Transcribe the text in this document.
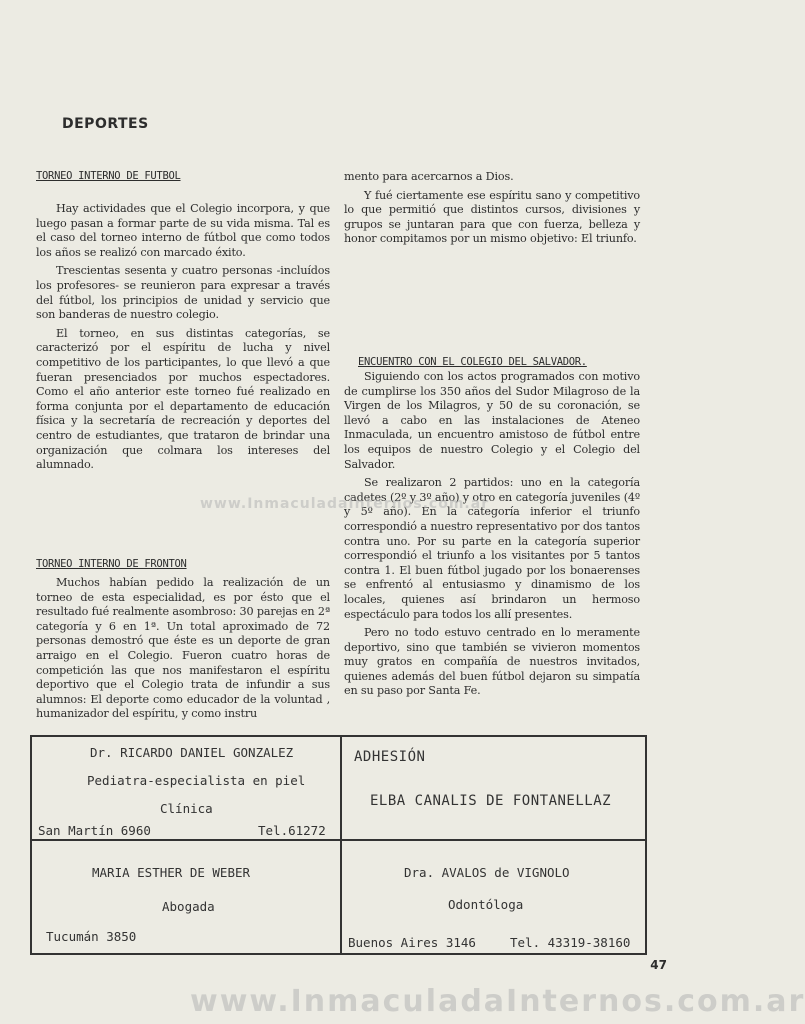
DEPORTES
TORNEO INTERNO DE FUTBOL

Hay actividades que el Colegio incorpora, y que luego pasan a formar parte de su vida misma. Tal es el caso del torneo interno de fútbol que como todos los años se realizó con marcado éxito.

Trescientas sesenta y cuatro personas -incluídos los profesores- se reunieron para expresar a través del fútbol, los principios de unidad y servicio que son banderas de nuestro colegio.

El torneo, en sus distintas categorías, se caracterizó por el espíritu de lucha y nivel competitivo de los participantes, lo que llevó a que fueran presenciados por muchos espectadores. Como el año anterior este torneo fué realizado en forma conjunta por el departamento de educación física y la secretaría de recreación y deportes del centro de estudiantes, que trataron de brindar una organización que colmara los intereses del alumnado.

TORNEO INTERNO DE FRONTON

Muchos habían pedido la realización de un torneo de esta especialidad, es por ésto que el resultado fué realmente asombroso: 30 parejas en 2ª categoría y 6 en 1ª. Un total aproximado de 72 personas demostró que éste es un deporte de gran arraigo en el Colegio. Fueron cuatro horas de competición las que nos manifestaron el espíritu deportivo que el Colegio trata de infundir a sus alumnos: El deporte como educador de la voluntad , humanizador del espíritu, y como instru

mento para acercarnos a Dios.

Y fué ciertamente ese espíritu sano y competitivo lo que permitió que distintos cursos, divisiones y grupos se juntaran para que con fuerza, belleza y honor compitamos por un mismo objetivo: El triunfo.

ENCUENTRO CON EL COLEGIO DEL SALVADOR.

Siguiendo con los actos programados con motivo de cumplirse los 350 años del Sudor Milagroso de la Virgen de los Milagros, y 50 de su coronación, se llevó a cabo en las instalaciones de Ateneo Inmaculada, un encuentro amistoso de fútbol entre los equipos de nuestro Colegio y el Colegio del Salvador.

Se realizaron 2 partidos: uno en la categoría cadetes (2º y 3º año) y otro en categoría juveniles (4º y 5º año). En la categoría inferior el triunfo correspondió a nuestro representativo por dos tantos contra uno. Por su parte en la categoría superior correspondió el triunfo a los visitantes por 5 tantos contra 1. El buen fútbol jugado por los bonaerenses se enfrentó al entusiasmo y dinamismo de los locales, quienes así brindaron un hermoso espectáculo para todos los allí presentes.

Pero no todo estuvo centrado en lo meramente deportivo, sino que también se vivieron momentos muy gratos en compañía de nuestros invitados, quienes además del buen fútbol dejaron su simpatía en su paso por Santa Fe.

www.InmaculadaInternos.com.ar
Dr. RICARDO DANIEL GONZALEZ
Pediatra-especialista en piel
Clínica
San Martín 6960	Tel.61272
ADHESIÓN
ELBA CANALIS DE FONTANELLAZ
MARIA ESTHER DE WEBER
Abogada
Tucumán 3850
Dra. AVALOS de VIGNOLO
Odontóloga
Buenos Aires 3146	Tel. 43319-38160
47
www.InmaculadaInternos.com.ar
